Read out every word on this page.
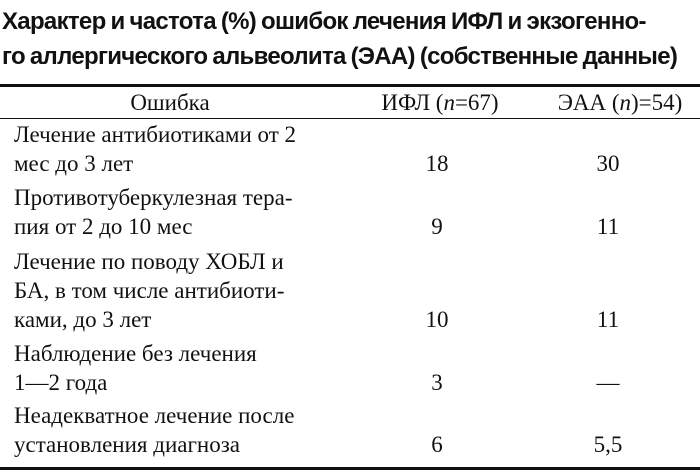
Характер и частота (%) ошибок лечения ИФЛ и экзогенно-
го аллергического альвеолита (ЭАА) (собственные данные)
Ошибка	ИФЛ (n=67)	ЭАА (n)=54)
Лечение антибиотиками от 2
мес до 3 лет	18	30
Противотуберкулезная тера-
пия от 2 до 10 мес	9	11
Лечение по поводу ХОБЛ и
БА, в том числе антибиоти-
ками, до 3 лет	10	11
Наблюдение без лечения
1—2 года	3	—
Неадекватное лечение после
установления диагноза	6	5,5
